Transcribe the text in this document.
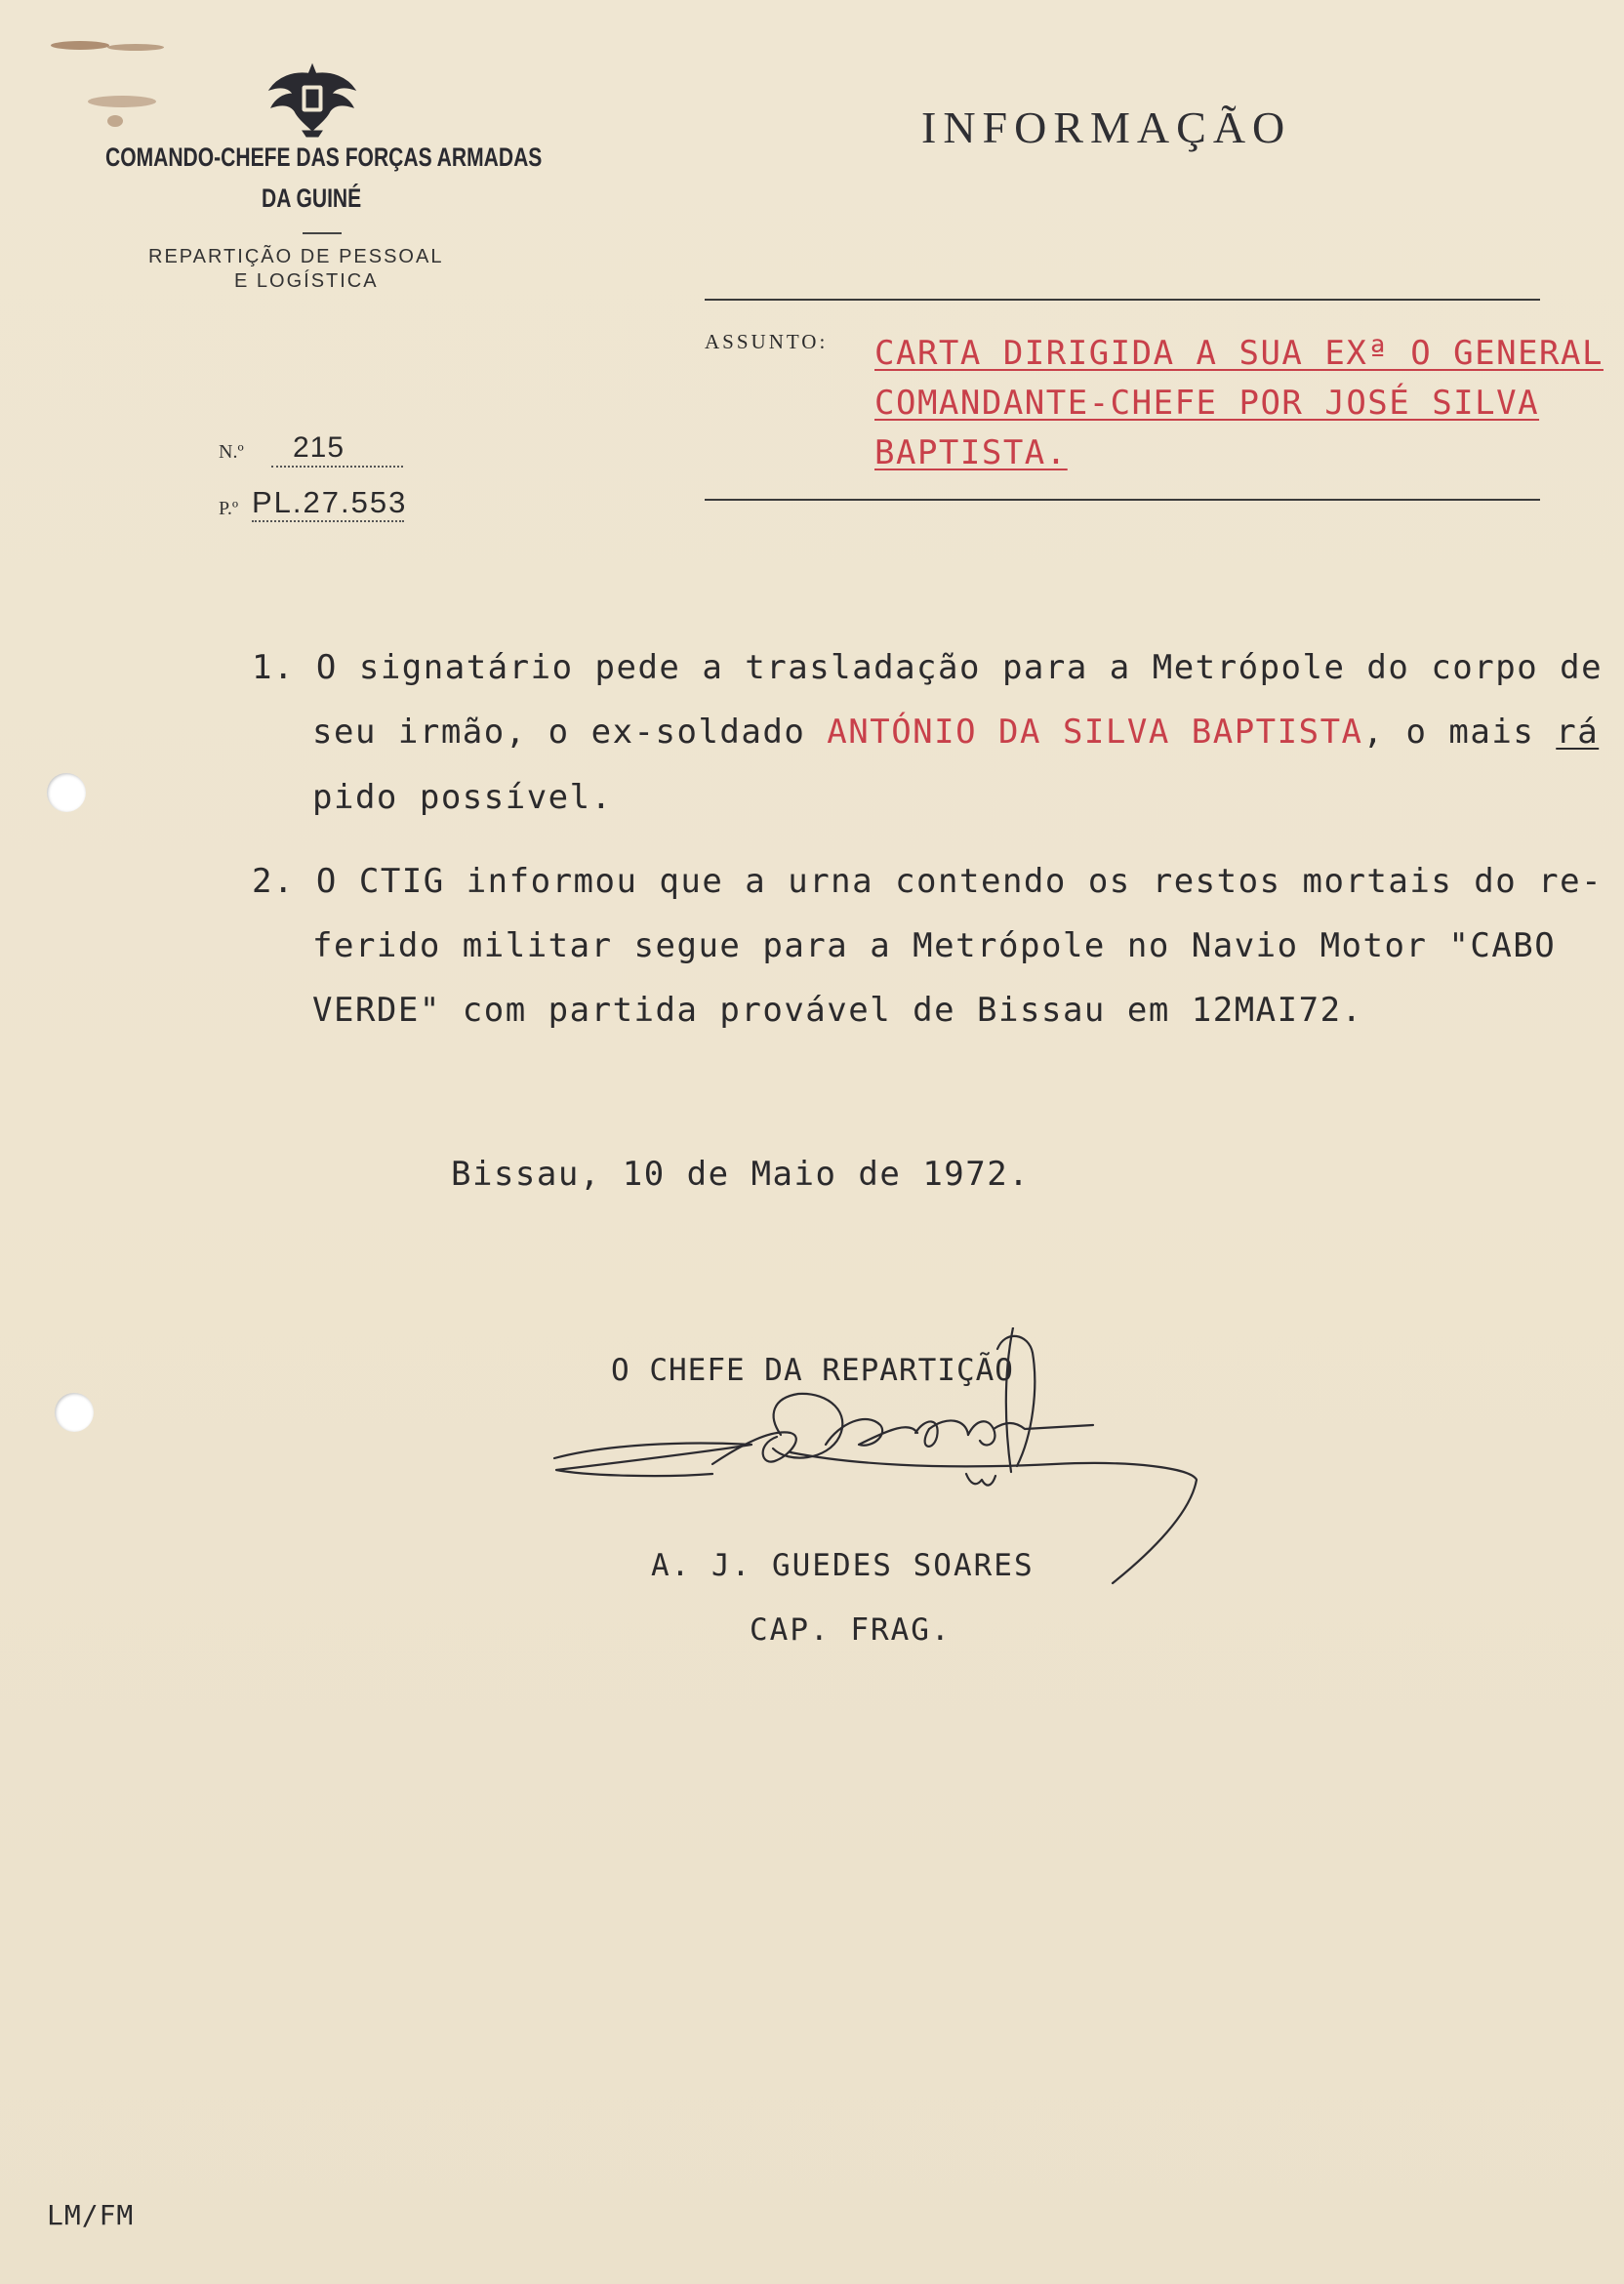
COMANDO-CHEFE DAS FORÇAS ARMADAS
DA GUINÉ
REPARTIÇÃO DE PESSOAL
E LOGÍSTICA
INFORMAÇÃO
ASSUNTO: CARTA DIRIGIDA A SUA EXª O GENERAL
COMANDANTE-CHEFE POR JOSÉ SILVA
BAPTISTA.
N.º 215
P.º PL.27.553
1. O signatário pede a trasladação para a Metrópole do corpo de
seu irmão, o ex-soldado ANTÓNIO DA SILVA BAPTISTA, o mais rá
pido possível.
2. O CTIG informou que a urna contendo os restos mortais do re-
ferido militar segue para a Metrópole no Navio Motor "CABO
VERDE" com partida provável de Bissau em 12MAI72.
Bissau, 10 de Maio de 1972.
O CHEFE DA REPARTIÇÃO
A. J. GUEDES SOARES
CAP. FRAG.
LM/FM
